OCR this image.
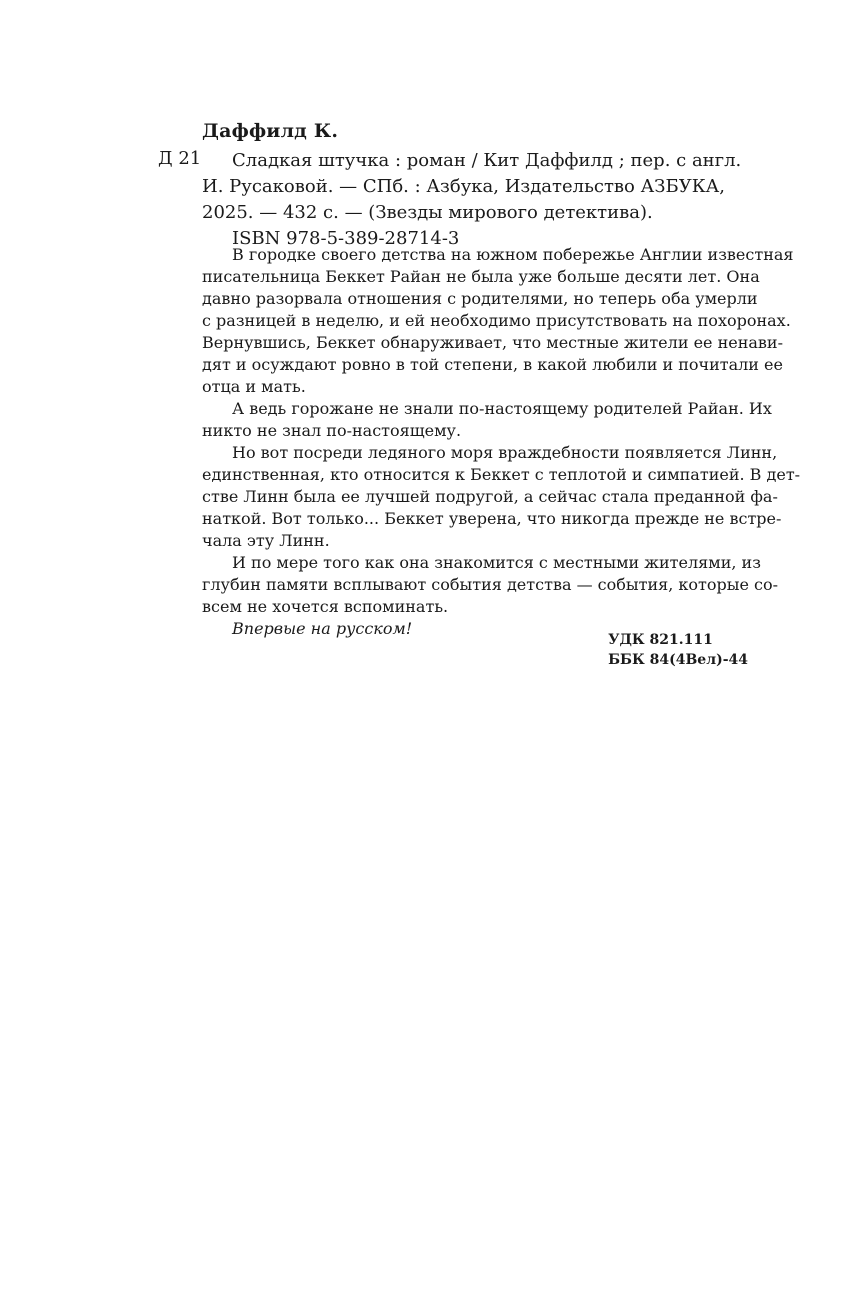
Даффилд К.
Д 21	Сладкая штучка : роман / Кит Даффилд ; пер. с англ.
И. Русаковой. — СПб. : Азбука, Издательство АЗБУКА,
2025. — 432 с. — (Звезды мирового детектива).
ISBN 978-5-389-28714-3
В городке своего детства на южном побережье Англии известная
писательница Беккет Райан не была уже больше десяти лет. Она
давно разорвала отношения с родителями, но теперь оба умерли
с разницей в неделю, и ей необходимо присутствовать на похоронах.
Вернувшись, Беккет обнаруживает, что местные жители ее ненави-
дят и осуждают ровно в той степени, в какой любили и почитали ее
отца и мать.
А ведь горожане не знали по-настоящему родителей Райан. Их
никто не знал по-настоящему.
Но вот посреди ледяного моря враждебности появляется Линн,
единственная, кто относится к Беккет с теплотой и симпатией. В дет-
стве Линн была ее лучшей подругой, а сейчас стала преданной фа-
наткой. Вот только... Беккет уверена, что никогда прежде не встре-
чала эту Линн.
И по мере того как она знакомится с местными жителями, из
глубин памяти всплывают события детства — события, которые со-
всем не хочется вспоминать.
Впервые на русском!
УДК 821.111
ББК 84(4Вел)-44
